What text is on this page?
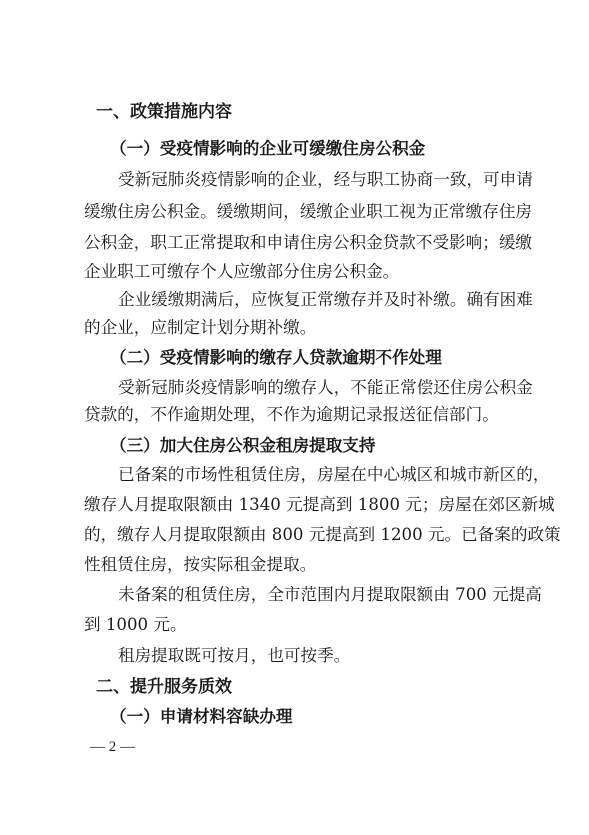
一、政策措施内容
（一）受疫情影响的企业可缓缴住房公积金
受新冠肺炎疫情影响的企业，经与职工协商一致，可申请
缓缴住房公积金。缓缴期间，缓缴企业职工视为正常缴存住房
公积金，职工正常提取和申请住房公积金贷款不受影响；缓缴
企业职工可缴存个人应缴部分住房公积金。
企业缓缴期满后，应恢复正常缴存并及时补缴。确有困难
的企业，应制定计划分期补缴。
（二）受疫情影响的缴存人贷款逾期不作处理
受新冠肺炎疫情影响的缴存人，不能正常偿还住房公积金
贷款的，不作逾期处理，不作为逾期记录报送征信部门。
（三）加大住房公积金租房提取支持
已备案的市场性租赁住房，房屋在中心城区和城市新区的，
缴存人月提取限额由 1340 元提高到 1800 元；房屋在郊区新城
的，缴存人月提取限额由 800 元提高到 1200 元。已备案的政策
性租赁住房，按实际租金提取。
未备案的租赁住房，全市范围内月提取限额由 700 元提高
到 1000 元。
租房提取既可按月，也可按季。
二、提升服务质效
（一）申请材料容缺办理
— 2 —
